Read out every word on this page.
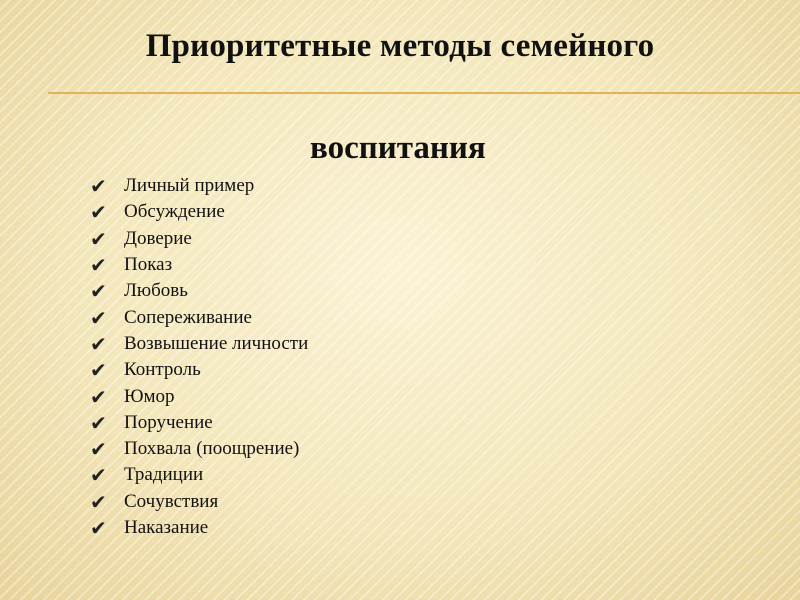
Приоритетные методы семейного
воспитания
✔ Личный пример
✔ Обсуждение
✔ Доверие
✔ Показ
✔ Любовь
✔ Сопереживание
✔ Возвышение личности
✔ Контроль
✔ Юмор
✔ Поручение
✔ Похвала (поощрение)
✔ Традиции
✔ Сочувствия
✔ Наказание
